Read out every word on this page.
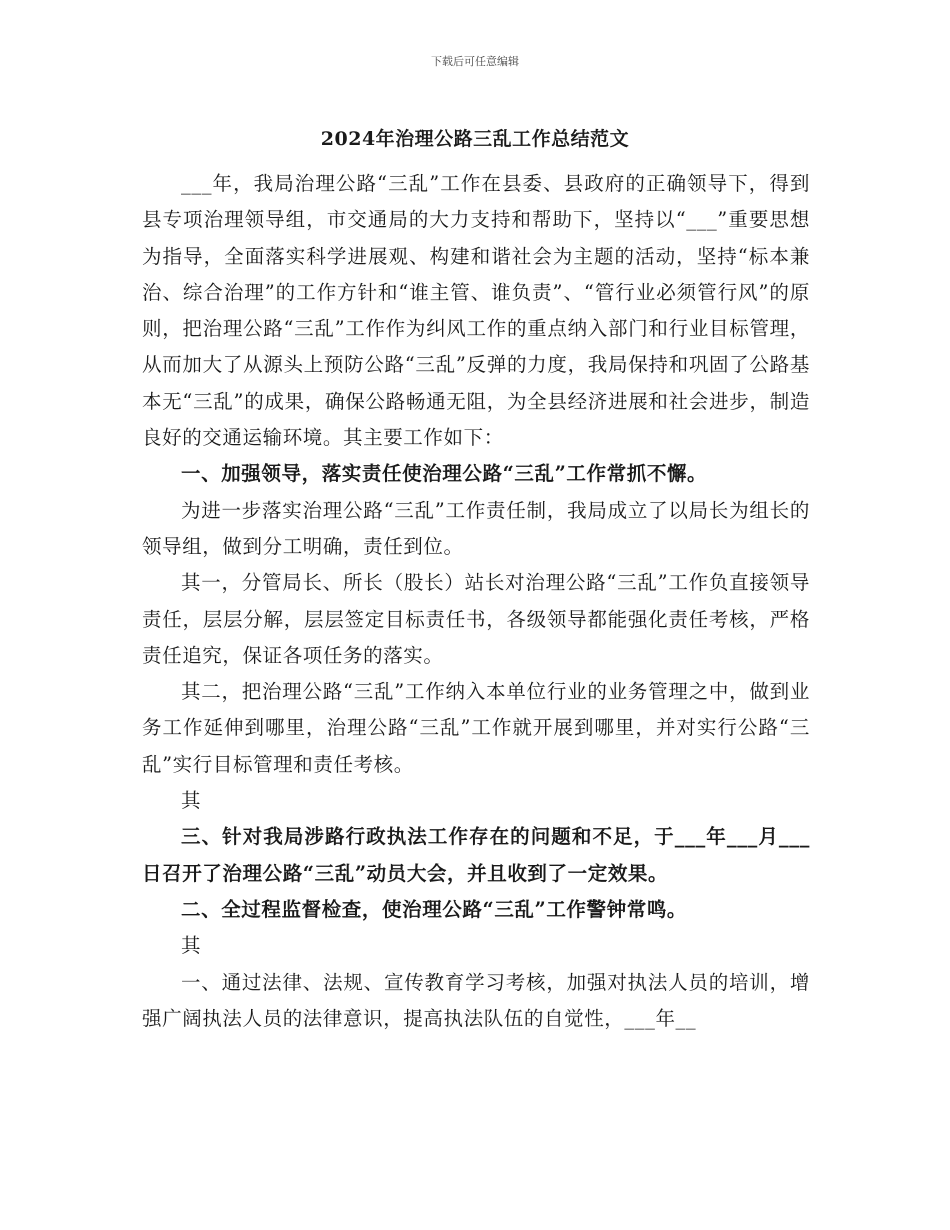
下载后可任意编辑
2024年治理公路三乱工作总结范文

___年，我局治理公路“三乱”工作在县委、县政府的正确领导下，得到县专项治理领导组，市交通局的大力支持和帮助下，坚持以“___”重要思想为指导，全面落实科学进展观、构建和谐社会为主题的活动，坚持“标本兼治、综合治理”的工作方针和“谁主管、谁负责”、“管行业必须管行风”的原则，把治理公路“三乱”工作作为纠风工作的重点纳入部门和行业目标管理，从而加大了从源头上预防公路“三乱”反弹的力度，我局保持和巩固了公路基本无“三乱”的成果，确保公路畅通无阻，为全县经济进展和社会进步，制造良好的交通运输环境。其主要工作如下：

一、加强领导，落实责任使治理公路“三乱”工作常抓不懈。

为进一步落实治理公路“三乱”工作责任制，我局成立了以局长为组长的领导组，做到分工明确，责任到位。

其一，分管局长、所长（股长）站长对治理公路“三乱”工作负直接领导责任，层层分解，层层签定目标责任书，各级领导都能强化责任考核，严格责任追究，保证各项任务的落实。

其二，把治理公路“三乱”工作纳入本单位行业的业务管理之中，做到业务工作延伸到哪里，治理公路“三乱”工作就开展到哪里，并对实行公路“三乱”实行目标管理和责任考核。

其

三、针对我局涉路行政执法工作存在的问题和不足，于___年___月___日召开了治理公路“三乱”动员大会，并且收到了一定效果。

二、全过程监督检查，使治理公路“三乱”工作警钟常鸣。

其

一、通过法律、法规、宣传教育学习考核，加强对执法人员的培训，增强广阔执法人员的法律意识，提高执法队伍的自觉性，___年__
